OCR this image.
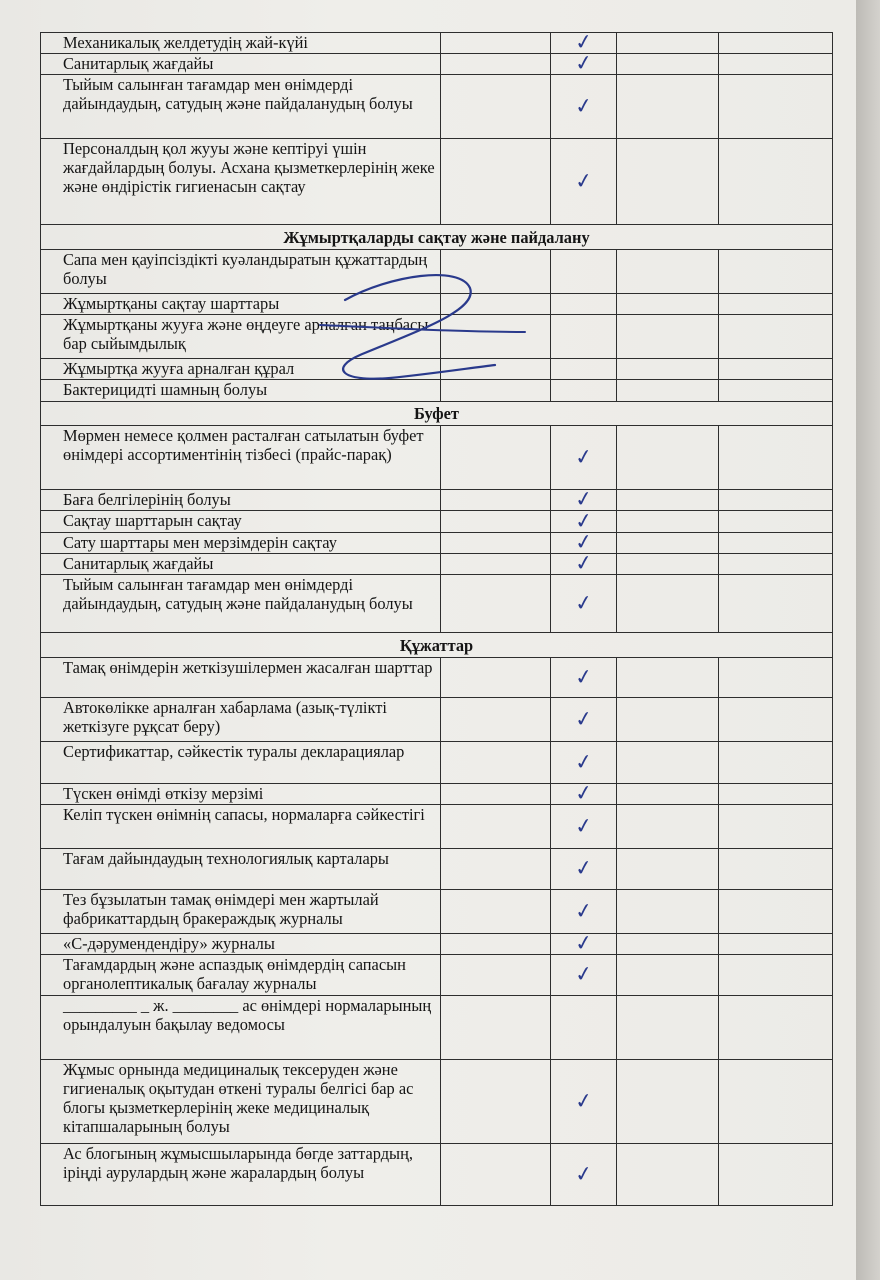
Механикалық желдетудің жай-күйі		✓		
Санитарлық жағдайы		✓		
Тыйым салынған тағамдар мен өнімдерді дайындаудың, сатудың және пайдаланудың болуы		✓		
Персоналдың қол жууы және кептіруі үшін жағдайлардың болуы. Асхана қызметкерлерінің жеке және өндірістік гигиенасын сақтау		✓		
Жұмыртқаларды сақтау және пайдалану				
Сапа мен қауіпсіздікті куәландыратын құжаттардың болуы				
Жұмыртқаны сақтау шарттары				
Жұмыртқаны жууға және өңдеуге арналған таңбасы бар сыйымдылық				
Жұмыртқа жууға арналған құрал				
Бактерицидті шамның болуы				
Буфет				
Мөрмен немесе қолмен расталған сатылатын буфет өнімдері ассортиментінің тізбесі (прайс-парақ)		✓		
Баға белгілерінің болуы		✓		
Сақтау шарттарын сақтау		✓		
Сату шарттары мен мерзімдерін сақтау		✓		
Санитарлық жағдайы		✓		
Тыйым салынған тағамдар мен өнімдерді дайындаудың, сатудың және пайдаланудың болуы		✓		
Құжаттар				
Тамақ өнімдерін жеткізушілермен жасалған шарттар		✓		
Автокөлікке арналған хабарлама (азық-түлікті жеткізуге рұқсат беру)		✓		
Сертификаттар, сәйкестік туралы декларациялар		✓		
Түскен өнімді өткізу мерзімі		✓		
Келіп түскен өнімнің сапасы, нормаларға сәйкестігі		✓		
Тағам дайындаудың технологиялық карталары		✓		
Тез бұзылатын тамақ өнімдері мен жартылай фабрикаттардың бракераждық журналы		✓		
«С-дәрумендендіру» журналы		✓		
Тағамдардың және аспаздық өнімдердің сапасын органолептикалық бағалау журналы		✓		
_________ _ ж. ________ ас өнімдері нормаларының орындалуын бақылау ведомосы				
Жұмыс орнында медициналық тексеруден және гигиеналық оқытудан өткені туралы белгісі бар ас блогы қызметкерлерінің жеке медициналық кітапшаларының болуы		✓		
Ас блогының жұмысшыларында бөгде заттардың, іріңді аурулардың және жаралардың болуы		✓		
